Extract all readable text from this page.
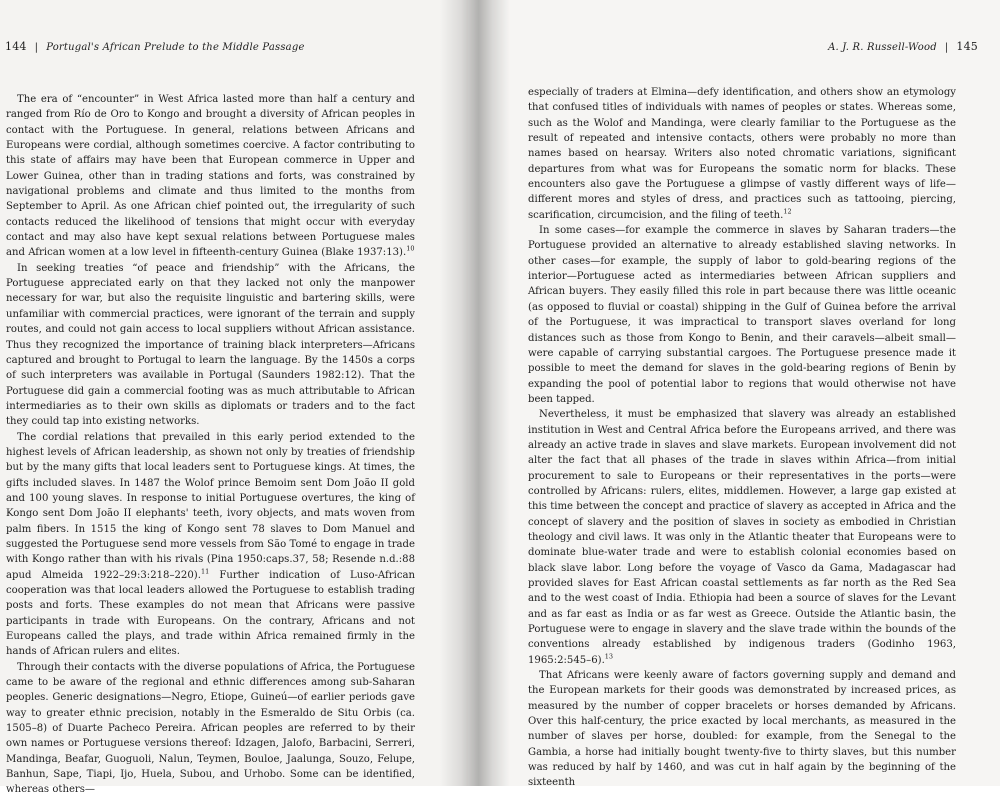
144 | Portugal's African Prelude to the Middle Passage

The era of “encounter” in West Africa lasted more than half a century and ranged from Río de Oro to Kongo and brought a diversity of African peoples in contact with the Portuguese. In general, relations between Africans and Europeans were cordial, although sometimes coercive. A factor contributing to this state of affairs may have been that European commerce in Upper and Lower Guinea, other than in trading stations and forts, was constrained by navigational problems and climate and thus limited to the months from September to April. As one African chief pointed out, the irregularity of such contacts reduced the likelihood of tensions that might occur with everyday contact and may also have kept sexual relations between Portuguese males and African women at a low level in fifteenth-century Guinea (Blake 1937:13).$^{10}$

In seeking treaties “of peace and friendship” with the Africans, the Portuguese appreciated early on that they lacked not only the manpower necessary for war, but also the requisite linguistic and bartering skills, were unfamiliar with commercial practices, were ignorant of the terrain and supply routes, and could not gain access to local suppliers without African assistance. Thus they recognized the importance of training black interpreters—Africans captured and brought to Portugal to learn the language. By the 1450s a corps of such interpreters was available in Portugal (Saunders 1982:12). That the Portuguese did gain a commercial footing was as much attributable to African intermediaries as to their own skills as diplomats or traders and to the fact they could tap into existing networks.

The cordial relations that prevailed in this early period extended to the highest levels of African leadership, as shown not only by treaties of friendship but by the many gifts that local leaders sent to Portuguese kings. At times, the gifts included slaves. In 1487 the Wolof prince Bemoim sent Dom João II gold and 100 young slaves. In response to initial Portuguese overtures, the king of Kongo sent Dom João II elephants' teeth, ivory objects, and mats woven from palm fibers. In 1515 the king of Kongo sent 78 slaves to Dom Manuel and suggested the Portuguese send more vessels from São Tomé to engage in trade with Kongo rather than with his rivals (Pina 1950:caps.37, 58; Resende n.d.:88 apud Almeida 1922–29:3:218–220).$^{11}$ Further indication of Luso-African cooperation was that local leaders allowed the Portuguese to establish trading posts and forts. These examples do not mean that Africans were passive participants in trade with Europeans. On the contrary, Africans and not Europeans called the plays, and trade within Africa remained firmly in the hands of African rulers and elites.

Through their contacts with the diverse populations of Africa, the Portuguese came to be aware of the regional and ethnic differences among sub-Saharan peoples. Generic designations—Negro, Etiope, Guineú—of earlier periods gave way to greater ethnic precision, notably in the Esmeraldo de Situ Orbis (ca. 1505–8) of Duarte Pacheco Pereira. African peoples are referred to by their own names or Portuguese versions thereof: Idzagen, Jalofo, Barbacini, Serreri, Mandinga, Beafar, Guoguoli, Nalun, Teymen, Bouloe, Jaalunga, Souzo, Felupe, Banhun, Sape, Tiapi, Ijo, Huela, Subou, and Urhobo. Some can be identified, whereas others—

A. J. R. Russell-Wood | 145

especially of traders at Elmina—defy identification, and others show an etymology that confused titles of individuals with names of peoples or states. Whereas some, such as the Wolof and Mandinga, were clearly familiar to the Portuguese as the result of repeated and intensive contacts, others were probably no more than names based on hearsay. Writers also noted chromatic variations, significant departures from what was for Europeans the somatic norm for blacks. These encounters also gave the Portuguese a glimpse of vastly different ways of life—different mores and styles of dress, and practices such as tattooing, piercing, scarification, circumcision, and the filing of teeth.$^{12}$

In some cases—for example the commerce in slaves by Saharan traders—the Portuguese provided an alternative to already established slaving networks. In other cases—for example, the supply of labor to gold-bearing regions of the interior—Portuguese acted as intermediaries between African suppliers and African buyers. They easily filled this role in part because there was little oceanic (as opposed to fluvial or coastal) shipping in the Gulf of Guinea before the arrival of the Portuguese, it was impractical to transport slaves overland for long distances such as those from Kongo to Benin, and their caravels—albeit small—were capable of carrying substantial cargoes. The Portuguese presence made it possible to meet the demand for slaves in the gold-bearing regions of Benin by expanding the pool of potential labor to regions that would otherwise not have been tapped.

Nevertheless, it must be emphasized that slavery was already an established institution in West and Central Africa before the Europeans arrived, and there was already an active trade in slaves and slave markets. European involvement did not alter the fact that all phases of the trade in slaves within Africa—from initial procurement to sale to Europeans or their representatives in the ports—were controlled by Africans: rulers, elites, middlemen. However, a large gap existed at this time between the concept and practice of slavery as accepted in Africa and the concept of slavery and the position of slaves in society as embodied in Christian theology and civil laws. It was only in the Atlantic theater that Europeans were to dominate blue-water trade and were to establish colonial economies based on black slave labor. Long before the voyage of Vasco da Gama, Madagascar had provided slaves for East African coastal settlements as far north as the Red Sea and to the west coast of India. Ethiopia had been a source of slaves for the Levant and as far east as India or as far west as Greece. Outside the Atlantic basin, the Portuguese were to engage in slavery and the slave trade within the bounds of the conventions already established by indigenous traders (Godinho 1963, 1965:2:545–6).$^{13}$

That Africans were keenly aware of factors governing supply and demand and the European markets for their goods was demonstrated by increased prices, as measured by the number of copper bracelets or horses demanded by Africans. Over this half-century, the price exacted by local merchants, as measured in the number of slaves per horse, doubled: for example, from the Senegal to the Gambia, a horse had initially bought twenty-five to thirty slaves, but this number was reduced by half by 1460, and was cut in half again by the beginning of the sixteenth
